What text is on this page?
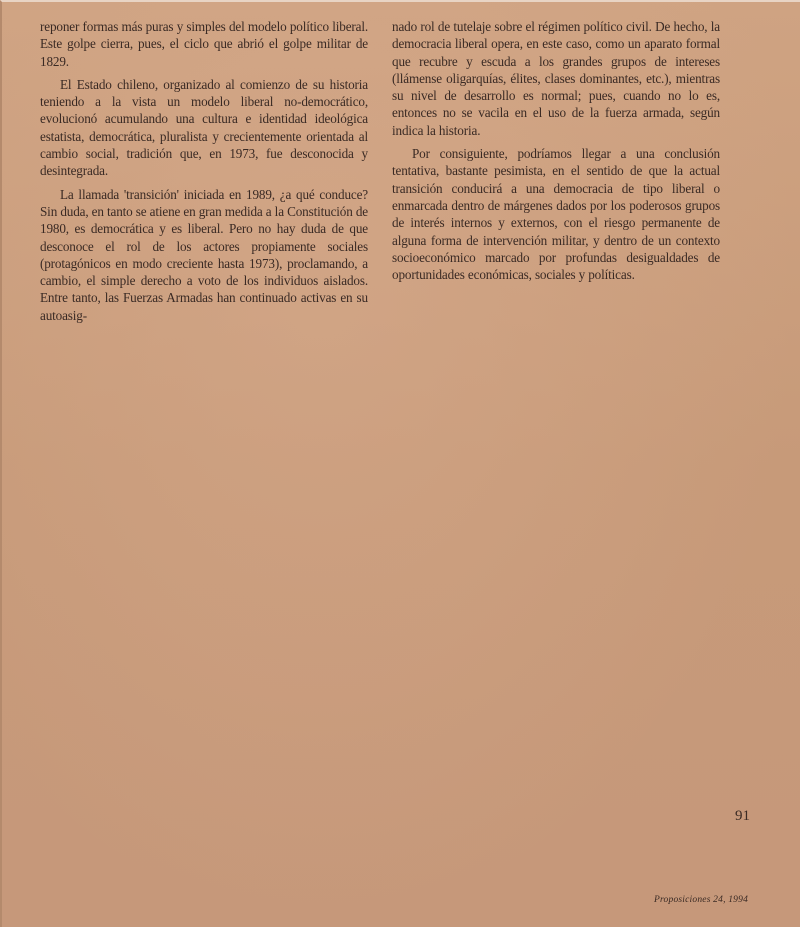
reponer formas más puras y simples del modelo político liberal. Este golpe cierra, pues, el ciclo que abrió el golpe militar de 1829.

El Estado chileno, organizado al comienzo de su historia teniendo a la vista un modelo liberal no-democrático, evolucionó acumulando una cultura e identidad ideológica estatista, democrática, pluralista y crecientemente orientada al cambio social, tradición que, en 1973, fue desconocida y desintegrada.

La llamada 'transición' iniciada en 1989, ¿a qué conduce? Sin duda, en tanto se atiene en gran medida a la Constitución de 1980, es democrática y es liberal. Pero no hay duda de que desconoce el rol de los actores propiamente sociales (protagónicos en modo creciente hasta 1973), proclamando, a cambio, el simple derecho a voto de los individuos aislados. Entre tanto, las Fuerzas Armadas han continuado activas en su autoasig-

nado rol de tutelaje sobre el régimen político civil. De hecho, la democracia liberal opera, en este caso, como un aparato formal que recubre y escuda a los grandes grupos de intereses (llámense oligarquías, élites, clases dominantes, etc.), mientras su nivel de desarrollo es normal; pues, cuando no lo es, entonces no se vacila en el uso de la fuerza armada, según indica la historia.

Por consiguiente, podríamos llegar a una conclusión tentativa, bastante pesimista, en el sentido de que la actual transición conducirá a una democracia de tipo liberal o enmarcada dentro de márgenes dados por los poderosos grupos de interés internos y externos, con el riesgo permanente de alguna forma de intervención militar, y dentro de un contexto socioeconómico marcado por profundas desigualdades de oportunidades económicas, sociales y políticas.

91
Proposiciones 24, 1994
